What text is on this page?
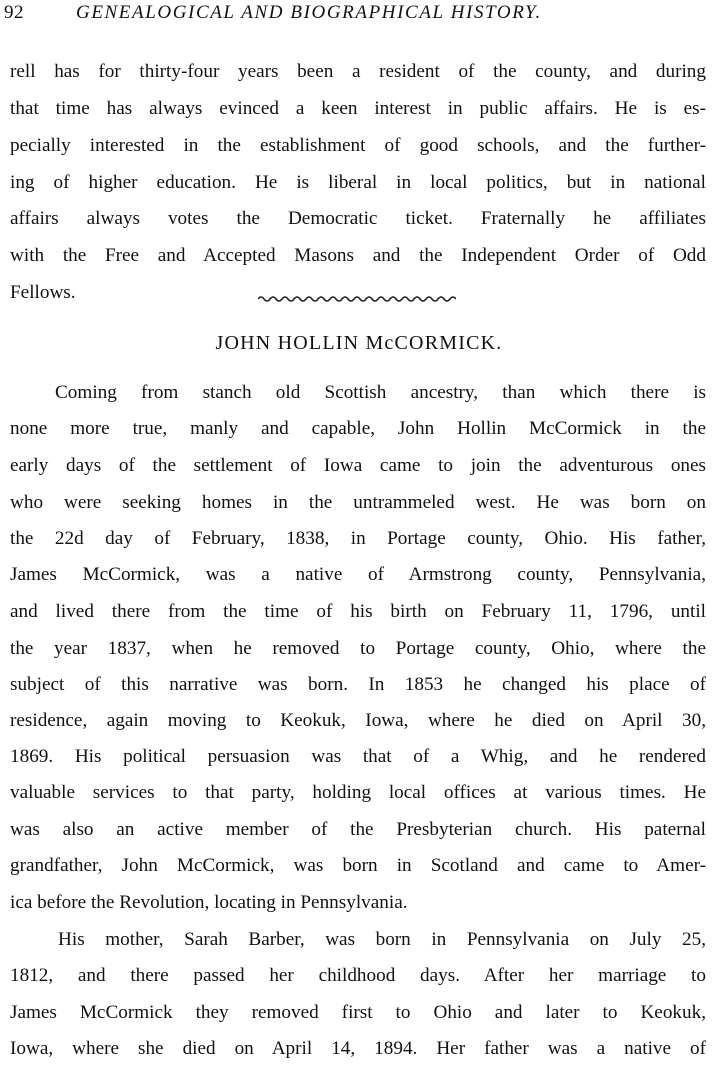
92	GENEALOGICAL AND BIOGRAPHICAL HISTORY.
rell has for thirty-four years been a resident of the county, and during
that time has always evinced a keen interest in public affairs. He is es-
pecially interested in the establishment of good schools, and the further-
ing of higher education. He is liberal in local politics, but in national
affairs always votes the Democratic ticket. Fraternally he affiliates
with the Free and Accepted Masons and the Independent Order of Odd
Fellows.
JOHN HOLLIN McCORMICK.
Coming from stanch old Scottish ancestry, than which there is
none more true, manly and capable, John Hollin McCormick in the
early days of the settlement of Iowa came to join the adventurous ones
who were seeking homes in the untrammeled west. He was born on
the 22d day of February, 1838, in Portage county, Ohio. His father,
James McCormick, was a native of Armstrong county, Pennsylvania,
and lived there from the time of his birth on February 11, 1796, until
the year 1837, when he removed to Portage county, Ohio, where the
subject of this narrative was born. In 1853 he changed his place of
residence, again moving to Keokuk, Iowa, where he died on April 30,
1869. His political persuasion was that of a Whig, and he rendered
valuable services to that party, holding local offices at various times. He
was also an active member of the Presbyterian church. His paternal
grandfather, John McCormick, was born in Scotland and came to Amer-
ica before the Revolution, locating in Pennsylvania.
His mother, Sarah Barber, was born in Pennsylvania on July 25,
1812, and there passed her childhood days. After her marriage to
James McCormick they removed first to Ohio and later to Keokuk,
Iowa, where she died on April 14, 1894. Her father was a native of
